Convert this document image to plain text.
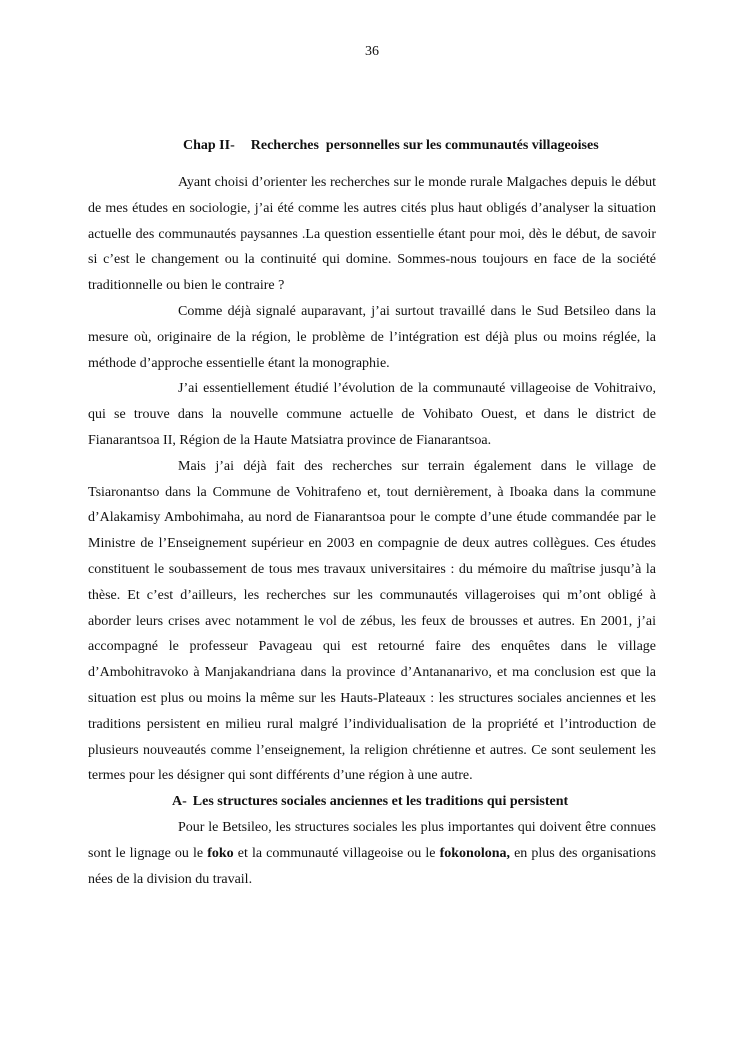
36
Chap II- Recherches  personnelles sur les communautés villageoises

Ayant choisi d’orienter les recherches sur le monde rurale Malgaches depuis le début de mes études en sociologie, j’ai été comme les autres cités plus haut obligés d’analyser la situation actuelle des communautés paysannes .La question essentielle étant pour moi, dès le début, de savoir si c’est le changement ou la continuité qui domine. Sommes-nous toujours en face de la société traditionnelle ou bien le contraire ?

Comme déjà signalé auparavant, j’ai surtout travaillé dans le Sud Betsileo dans la mesure où, originaire de la région, le problème de l’intégration est déjà plus ou moins réglée, la méthode d’approche essentielle étant la monographie.

J’ai essentiellement étudié l’évolution de la communauté villageoise de Vohitraivo, qui se trouve dans la nouvelle commune actuelle de Vohibato Ouest, et dans le district de Fianarantsoa II, Région de la Haute Matsiatra province de Fianarantsoa.

Mais j’ai déjà fait des recherches sur terrain également dans le village de Tsiaronantso dans la Commune de Vohitrafeno et, tout dernièrement, à Iboaka dans la commune d’Alakamisy Ambohimaha, au nord de Fianarantsoa pour le compte d’une étude commandée par le Ministre de l’Enseignement supérieur en 2003 en compagnie de deux autres collègues. Ces études constituent le soubassement de tous mes travaux universitaires : du mémoire du maîtrise jusqu’à la thèse. Et c’est d’ailleurs, les recherches sur les communautés villageroises qui m’ont obligé à aborder leurs crises avec notamment le vol de zébus, les feux de brousses et autres. En 2001, j’ai accompagné le professeur Pavageau qui est retourné faire des enquêtes dans le village d’Ambohitravoko à Manjakandriana dans la province d’Antananarivo, et ma conclusion est que la situation est plus ou moins la même sur les Hauts-Plateaux : les structures sociales anciennes et les traditions persistent en milieu rural malgré l’individualisation de la propriété et l’introduction de plusieurs nouveautés comme l’enseignement, la religion chrétienne et autres. Ce sont seulement les termes pour les désigner qui sont différents d’une région à une autre.

A- Les structures sociales anciennes et les traditions qui persistent

Pour le Betsileo, les structures sociales les plus importantes qui doivent être connues sont le lignage ou le foko et la communauté villageoise ou le fokonolona, en plus des organisations nées de la division du travail.
